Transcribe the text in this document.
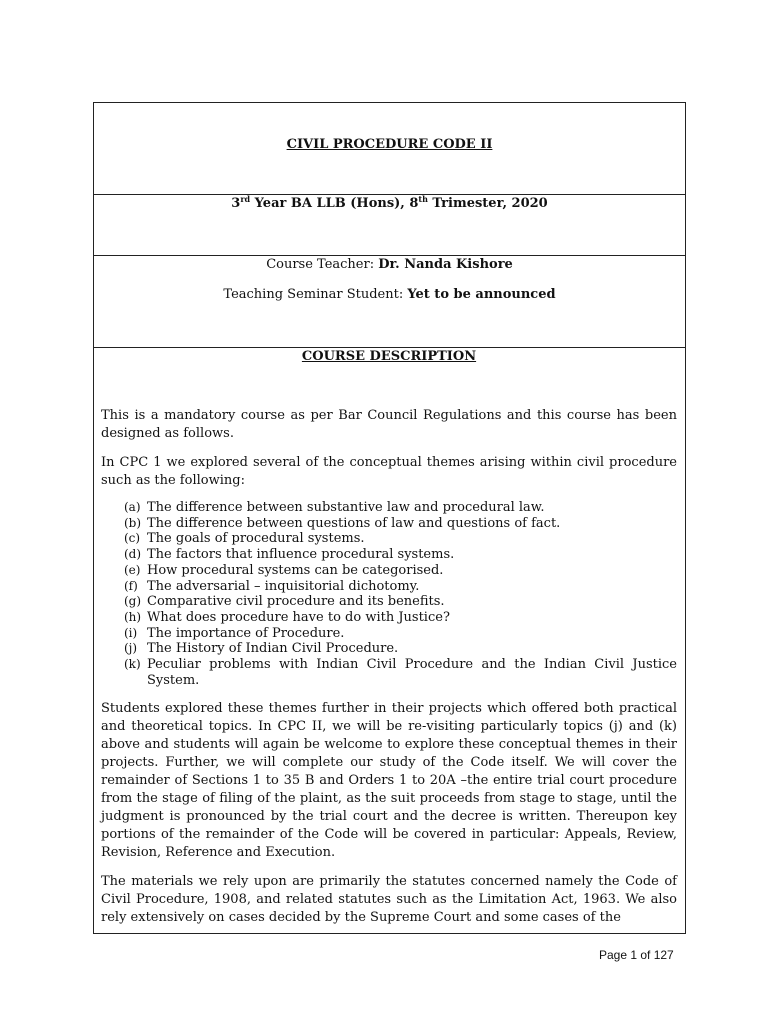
CIVIL PROCEDURE CODE II
3rd Year BA LLB (Hons), 8th Trimester, 2020
Course Teacher: Dr. Nanda Kishore
Teaching Seminar Student: Yet to be announced

COURSE DESCRIPTION

This is a mandatory course as per Bar Council Regulations and this course has been designed as follows.

In CPC 1 we explored several of the conceptual themes arising within civil procedure such as the following:

(a) The difference between substantive law and procedural law.
(b) The difference between questions of law and questions of fact.
(c) The goals of procedural systems.
(d) The factors that influence procedural systems.
(e) How procedural systems can be categorised.
(f) The adversarial – inquisitorial dichotomy.
(g) Comparative civil procedure and its benefits.
(h) What does procedure have to do with Justice?
(i) The importance of Procedure.
(j) The History of Indian Civil Procedure.
(k) Peculiar problems with Indian Civil Procedure and the Indian Civil Justice System.

Students explored these themes further in their projects which offered both practical and theoretical topics. In CPC II, we will be re-visiting particularly topics (j) and (k) above and students will again be welcome to explore these conceptual themes in their projects. Further, we will complete our study of the Code itself. We will cover the remainder of Sections 1 to 35 B and Orders 1 to 20A –the entire trial court procedure from the stage of filing of the plaint, as the suit proceeds from stage to stage, until the judgment is pronounced by the trial court and the decree is written. Thereupon key portions of the remainder of the Code will be covered in particular: Appeals, Review, Revision, Reference and Execution.

The materials we rely upon are primarily the statutes concerned namely the Code of Civil Procedure, 1908, and related statutes such as the Limitation Act, 1963. We also rely extensively on cases decided by the Supreme Court and some cases of the

Page 1 of 127
